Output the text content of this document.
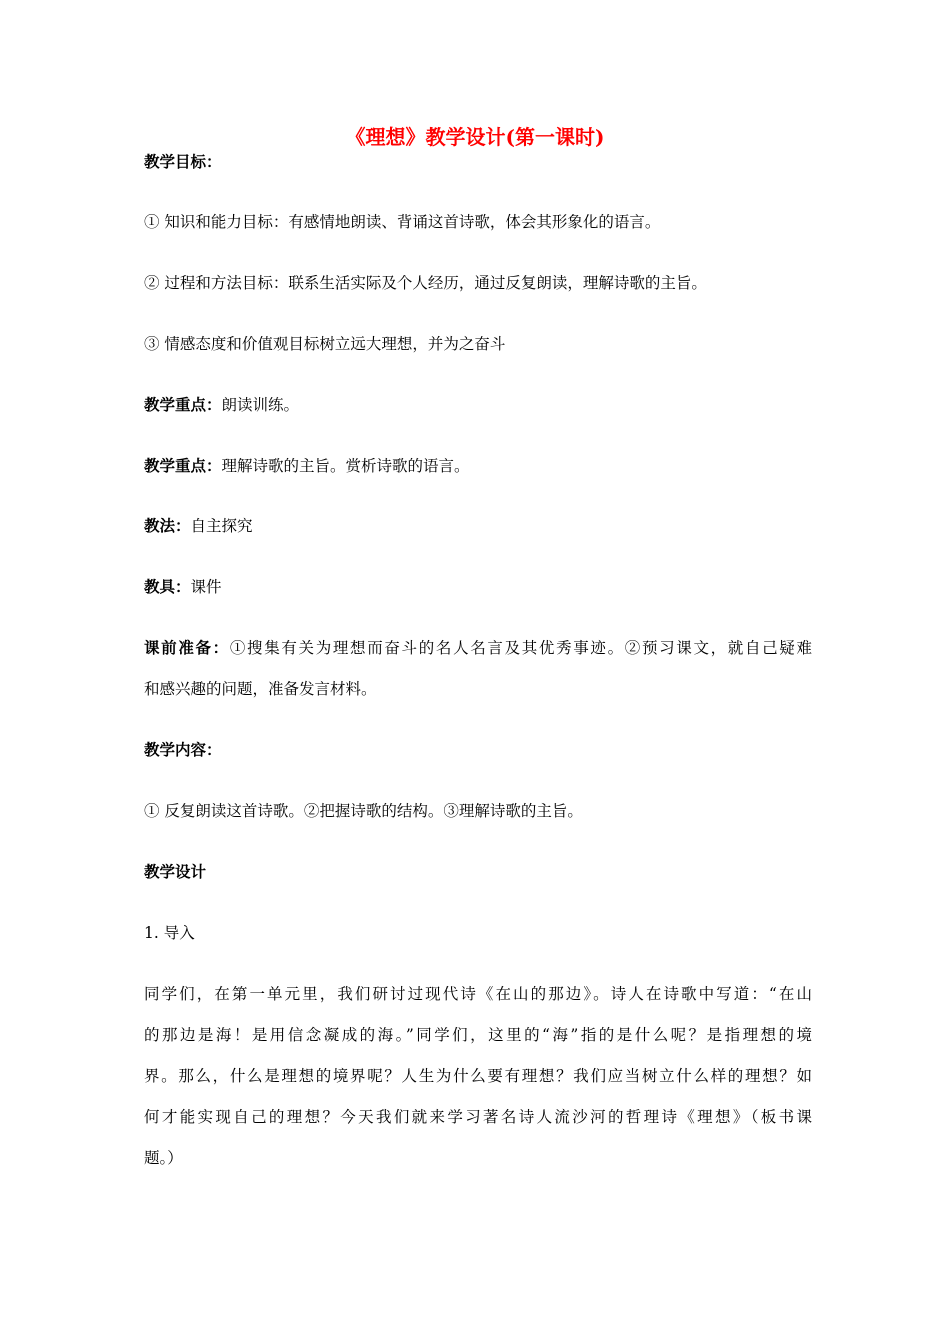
《理想》教学设计(第一课时)
教学目标：
① 知识和能力目标：有感情地朗读、背诵这首诗歌，体会其形象化的语言。
② 过程和方法目标：联系生活实际及个人经历，通过反复朗读，理解诗歌的主旨。
③ 情感态度和价值观目标树立远大理想，并为之奋斗
教学重点：朗读训练。
教学重点：理解诗歌的主旨。赏析诗歌的语言。
教法：自主探究
教具：课件
课前准备：①搜集有关为理想而奋斗的名人名言及其优秀事迹。②预习课文，就自己疑难
和感兴趣的问题，准备发言材料。
教学内容：
① 反复朗读这首诗歌。②把握诗歌的结构。③理解诗歌的主旨。
教学设计
1. 导入
同学们，在第一单元里，我们研讨过现代诗《在山的那边》。诗人在诗歌中写道：“在山
的那边是海！是用信念凝成的海。”同学们，这里的“海”指的是什么呢？是指理想的境
界。那么，什么是理想的境界呢？人生为什么要有理想？我们应当树立什么样的理想？如
何才能实现自己的理想？今天我们就来学习著名诗人流沙河的哲理诗《理想》（板书课
题。）
